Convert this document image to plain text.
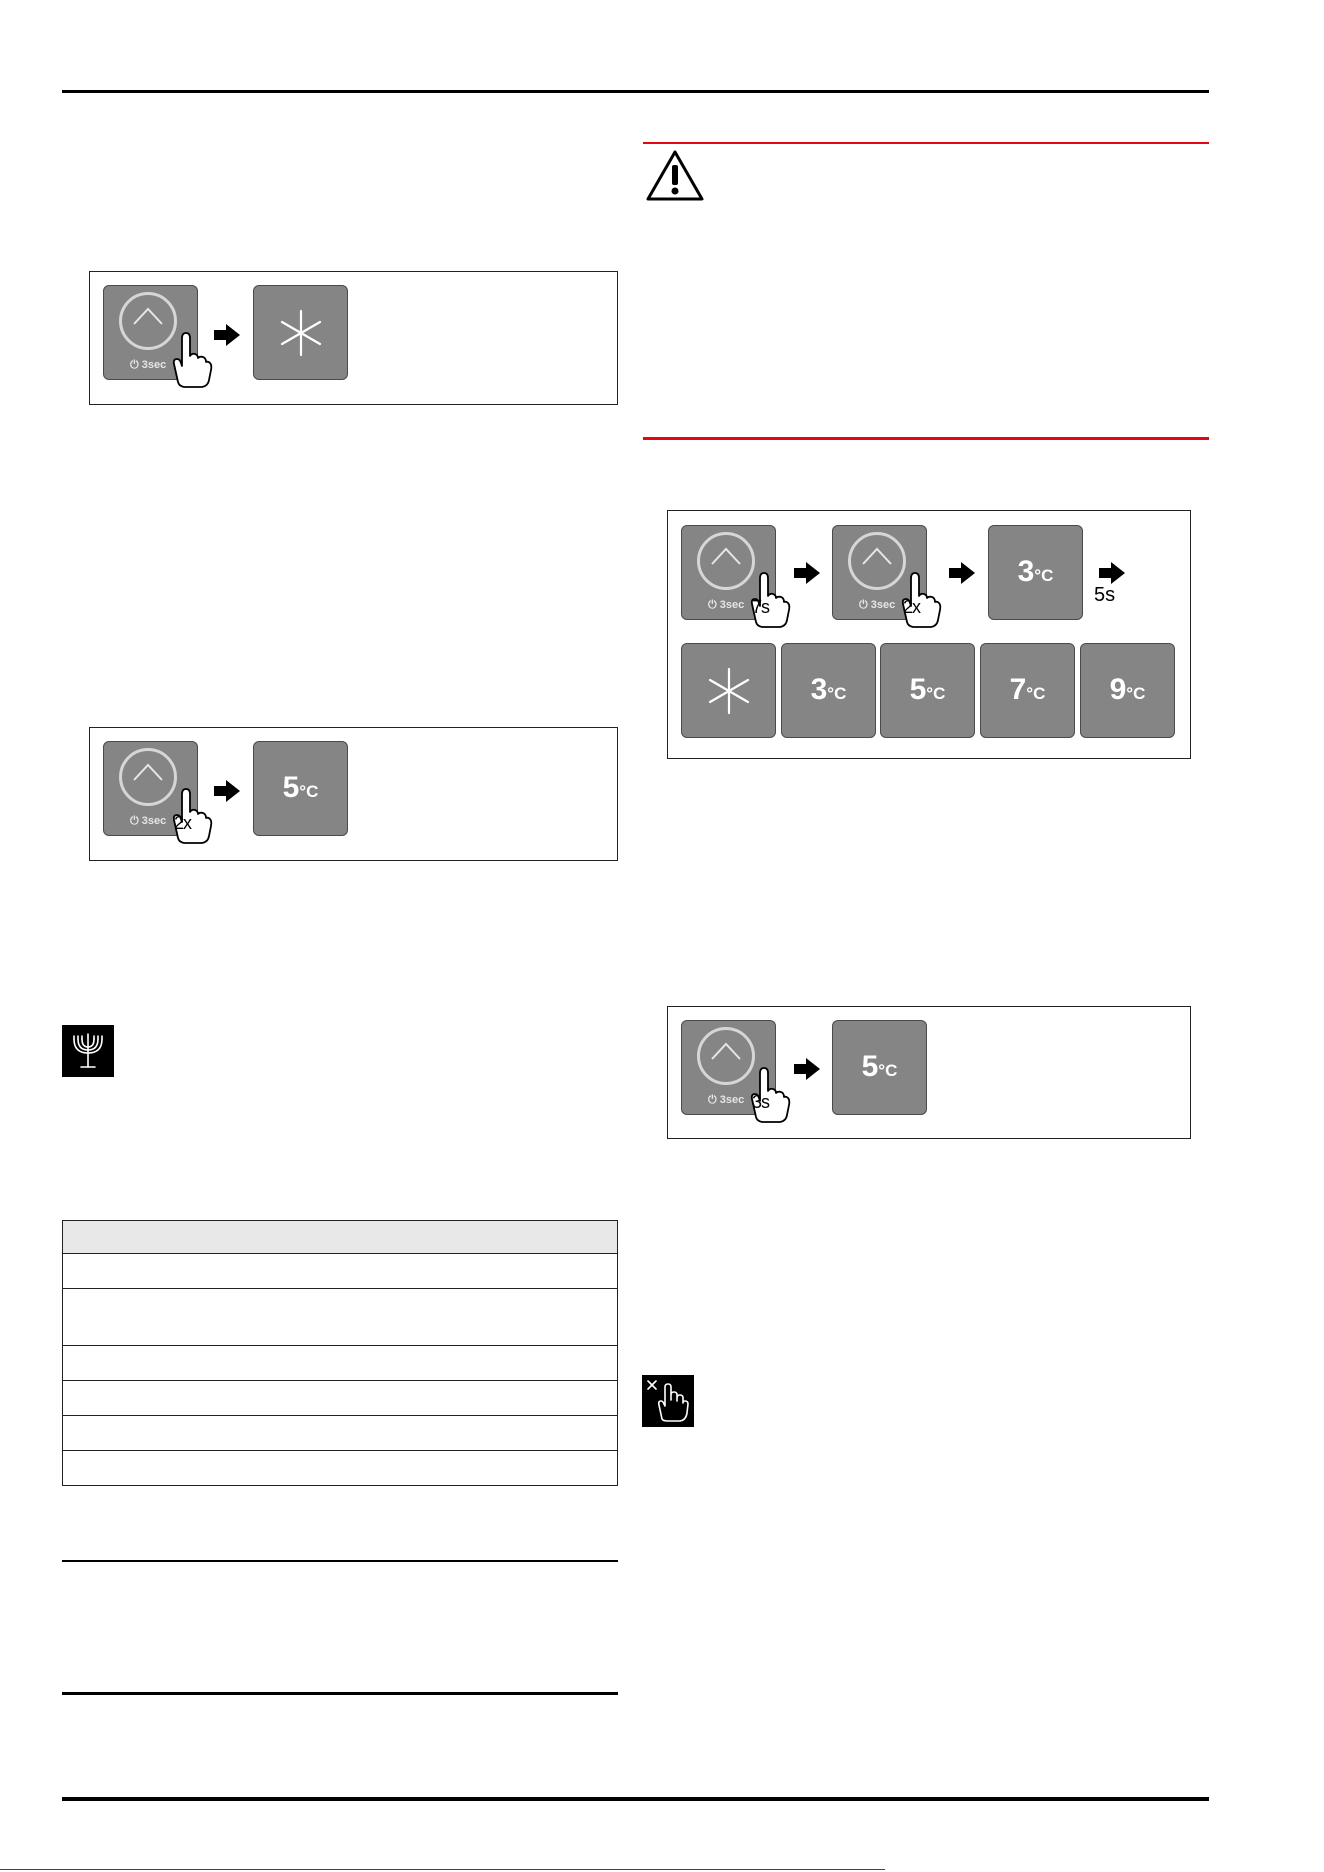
⏻ 3sec
⏻ 3sec 2x
5°C

⏻ 3sec 7s	⏻ 3sec 2x
3°C
5s
3°C	5°C	7°C	9°C
⏻ 3sec 3s
5°C
